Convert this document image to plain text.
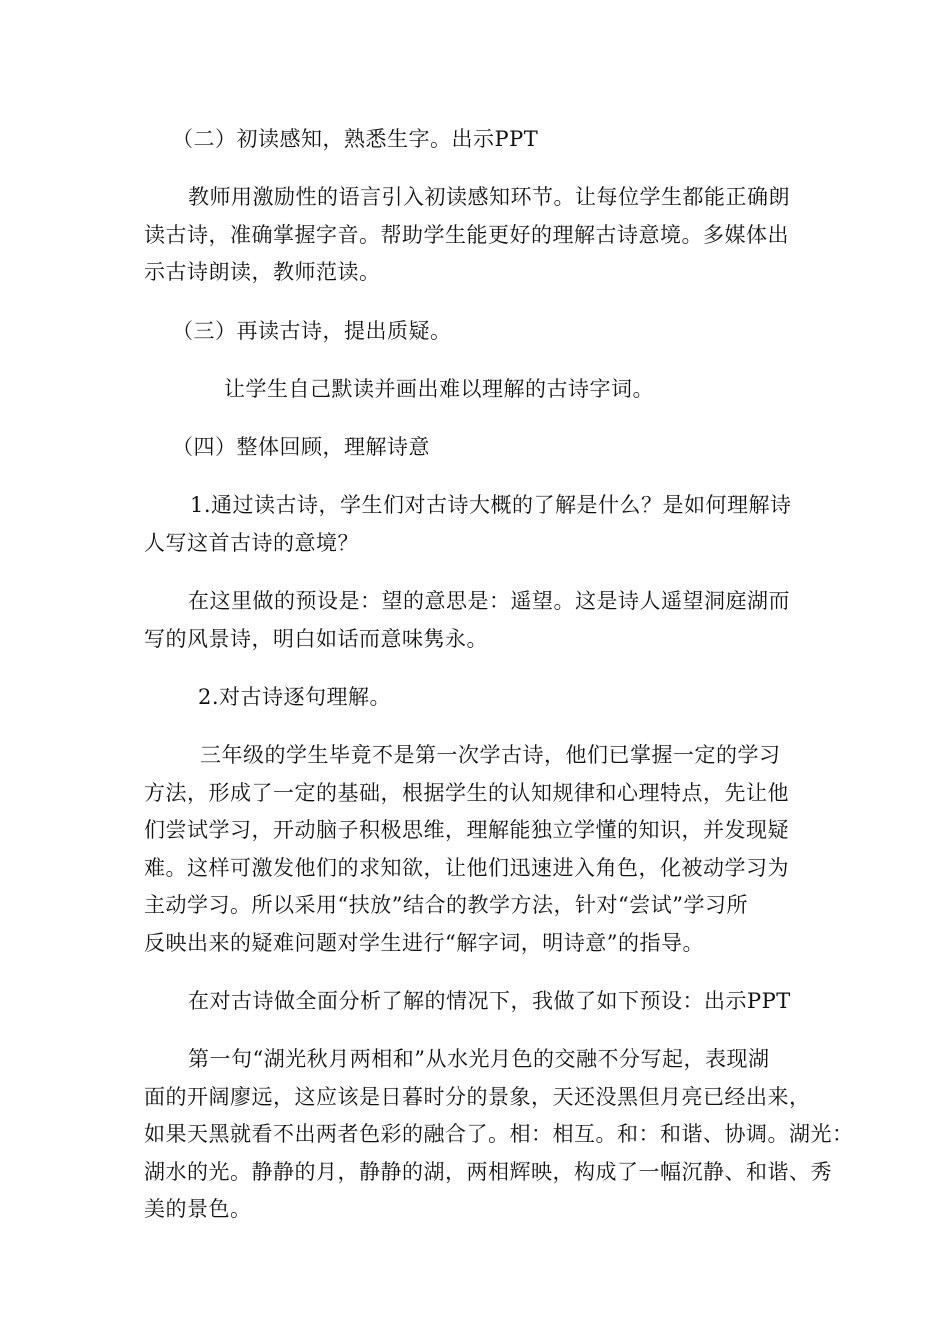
（二）初读感知，熟悉生字。出示PPT

教师用激励性的语言引入初读感知环节。让每位学生都能正确朗

读古诗，准确掌握字音。帮助学生能更好的理解古诗意境。多媒体出

示古诗朗读，教师范读。

（三）再读古诗，提出质疑。

让学生自己默读并画出难以理解的古诗字词。

（四）整体回顾，理解诗意

1.通过读古诗，学生们对古诗大概的了解是什么？是如何理解诗

人写这首古诗的意境？

在这里做的预设是：望的意思是：遥望。这是诗人遥望洞庭湖而

写的风景诗，明白如话而意味隽永。

2.对古诗逐句理解。

三年级的学生毕竟不是第一次学古诗，他们已掌握一定的学习

方法，形成了一定的基础，根据学生的认知规律和心理特点，先让他

们尝试学习，开动脑子积极思维，理解能独立学懂的知识，并发现疑

难。这样可激发他们的求知欲，让他们迅速进入角色，化被动学习为

主动学习。所以采用“扶放”结合的教学方法，针对“尝试”学习所

反映出来的疑难问题对学生进行“解字词，明诗意”的指导。

在对古诗做全面分析了解的情况下，我做了如下预设：出示PPT

第一句“湖光秋月两相和”从水光月色的交融不分写起，表现湖

面的开阔廖远，这应该是日暮时分的景象，天还没黑但月亮已经出来，

如果天黑就看不出两者色彩的融合了。相：相互。和：和谐、协调。湖光：

湖水的光。静静的月，静静的湖，两相辉映，构成了一幅沉静、和谐、秀

美的景色。
